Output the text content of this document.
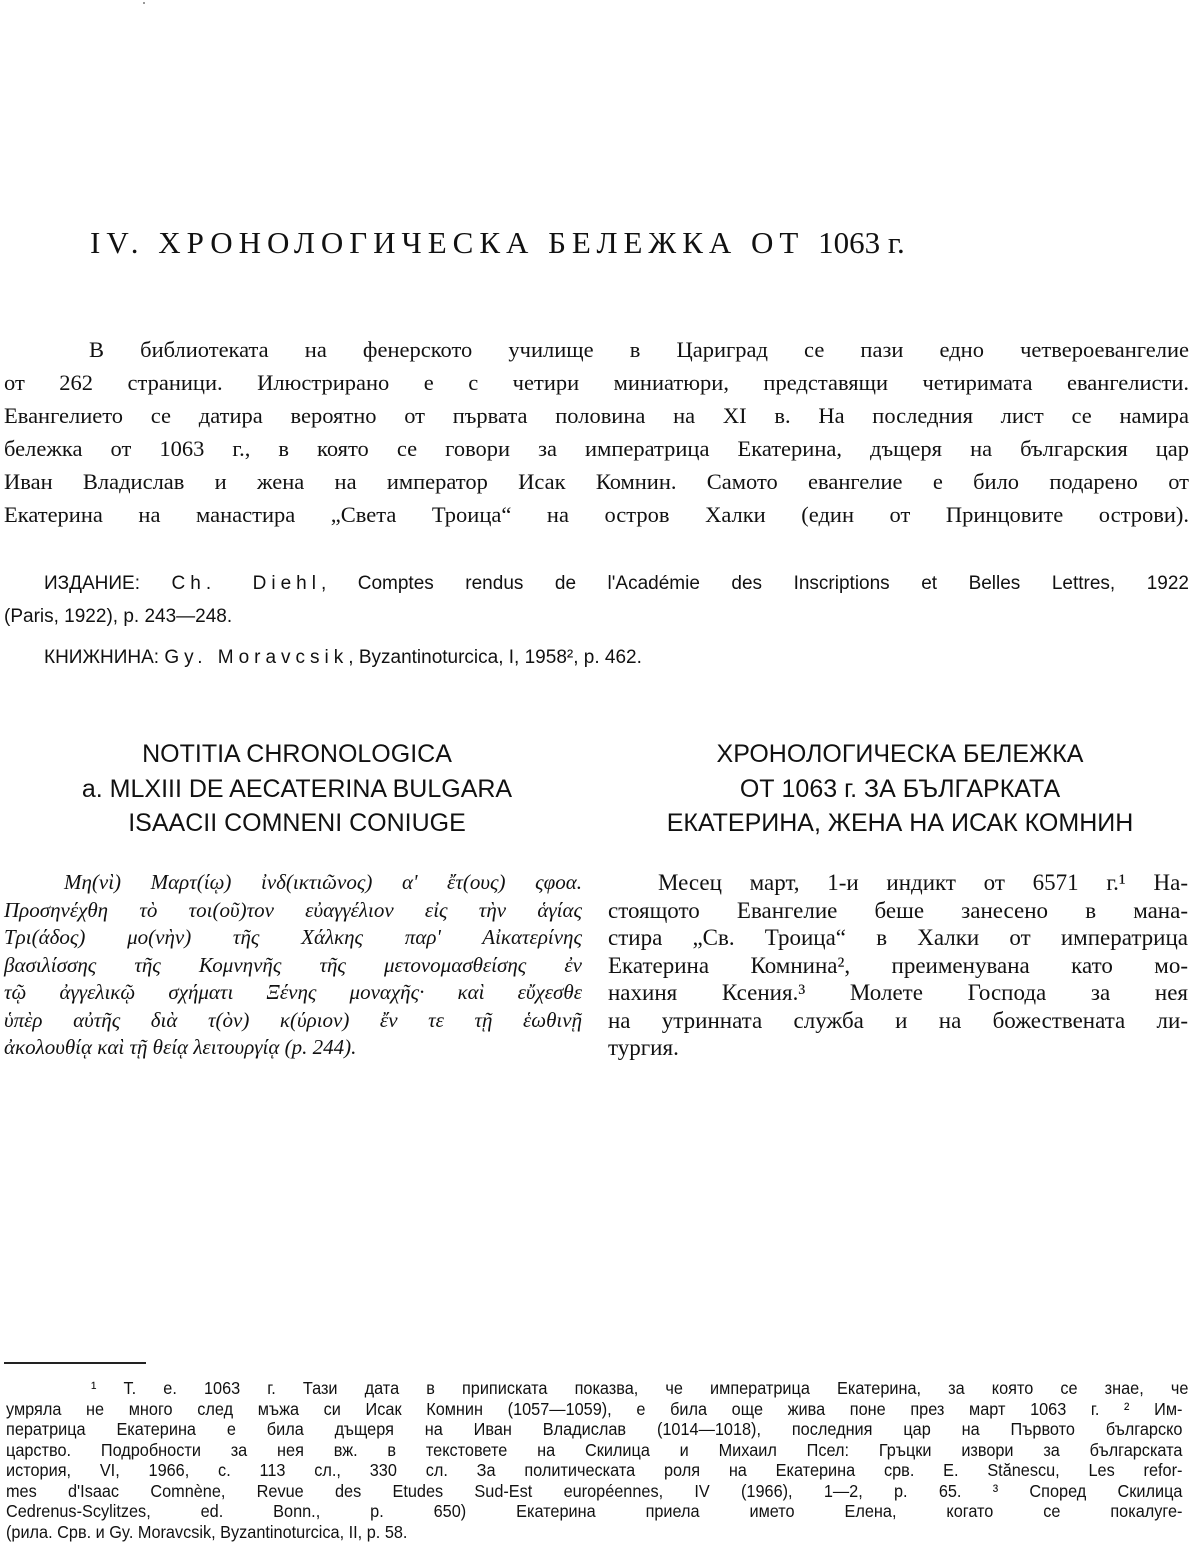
IV. ХРОНОЛОГИЧЕСКА БЕЛЕЖКА ОТ 1063 г.
В библиотеката на фенерското училище в Цариград се пази едно четвероевангелие
от 262 страници. Илюстрирано е с четири миниатюри, представящи четиримата евангелисти.
Евангелието се датира вероятно от първата половина на XI в. На последния лист се намира
бележка от 1063 г., в която се говори за императрица Екатерина, дъщеря на българския цар
Иван Владислав и жена на император Исак Комнин. Самото евангелие е било подарено от
Екатерина на манастира „Света Троица“ на остров Халки (един от Принцовите острови).
ИЗДАНИЕ: Ch. Diehl, Comptes rendus de l'Académie des Inscriptions et Belles Lettres, 1922
(Paris, 1922), p. 243—248.
КНИЖНИНА: Gy. Moravcsik, Byzantinoturcica, I, 1958², p. 462.
NOTITIA CHRONOLOGICA
a. MLXIII DE AECATERINA BULGARA
ISAACII COMNENI CONIUGE
ХРОНОЛОГИЧЕСКА БЕЛЕЖКА
ОТ 1063 г. ЗА БЪЛГАРКАТА
ЕКАТЕРИНА, ЖЕНА НА ИСАК КОМНИН
Μη(νὶ) Μαρτ(ίῳ) ἰνδ(ικτιῶνος) α' ἔτ(ους) ςφοα.
Προσηνέχθη τὸ τοι(οῦ)τον εὐαγγέλιον εἰς τὴν ἁγίας
Τρι(άδος) μο(νὴν) τῆς Χάλκης παρ' Αἰκατερίνης
βασιλίσσης τῆς Κομνηνῆς τῆς μετονομασθείσης ἐν
τῷ ἀγγελικῷ σχήματι Ξένης μοναχῆς· καὶ εὔχεσθε
ὑπὲρ αὐτῆς διὰ τ(ὸν) κ(ύριον) ἔν τε τῇ ἑωθινῇ
ἀκολουθίᾳ καὶ τῇ θείᾳ λειτουργίᾳ (p. 244).
Месец март, 1-и индикт от 6571 г.¹ На-
стоящото Евангелие беше занесено в мана-
стира „Св. Троица“ в Халки от императрица
Екатерина Комнина², преименувана като мо-
нахиня Ксения.³ Молете Господа за нея
на утринната служба и на божествената ли-
тургия.
¹ Т. е. 1063 г. Тази дата в приписката показва, че императрица Екатерина, за която се знае, че
умряла не много след мъжа си Исак Комнин (1057—1059), е била още жива поне през март 1063 г. ² Им-
ператрица Екатерина е била дъщеря на Иван Владислав (1014—1018), последния цар на Първото българско
царство. Подробности за нея вж. в текстовете на Скилица и Михаил Псел: Гръцки извори за българската
история, VI, 1966, с. 113 сл., 330 сл. За политическата роля на Екатерина срв. E. Stănescu, Les refor-
mes d'Isaac Comnène, Revue des Etudes Sud-Est européennes, IV (1966), 1—2, p. 65. ³ Според Скилица
Cedrenus-Scylitzes, ed. Bonn., p. 650) Екатерина приела името Елена, когато се покалуге-
(рила. Срв. и Gy. Moravcsik, Byzantinoturcica, II, p. 58.
